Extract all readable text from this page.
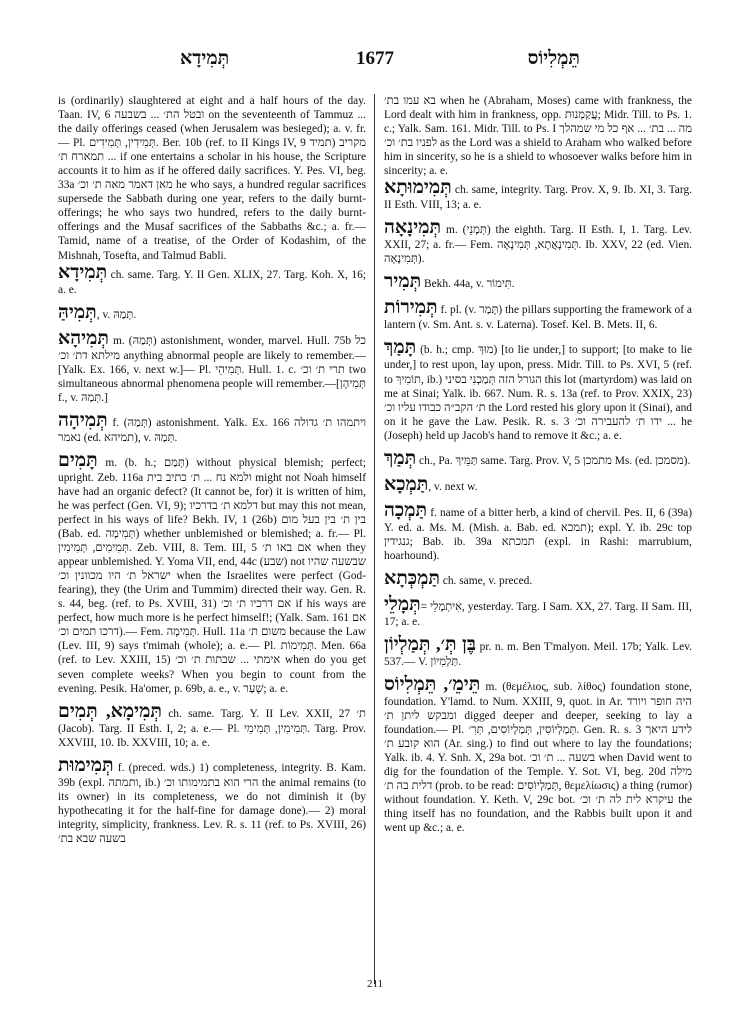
תְּמִידָא	1677	תֵּמְלִיוֹס

is (ordinarily) slaughtered at eight and a half hours of the day. Taan. IV, 6 ובטל הת׳ ... בשבעה on the seventeenth of Tammuz ... the daily offerings ceased (when Jerusalem was besieged); a. v. fr.— Pl. תְּמִידִין, תְּמִידִים. Ber. 10b (ref. to II Kings IV, 9 תמיד) מקריב ... תמארח ת׳ if one entertains a scholar in his house, the Scripture accounts it to him as if he offered daily sacrifices. Y. Pes. VI, beg. 33a מאן דאמר מאה ת׳ וכ׳ he who says, a hundred regular sacrifices supersede the Sabbath during one year, refers to the daily burnt-offerings; he who says two hundred, refers to the daily burnt-offerings and the Musaf sacrifices of the Sabbaths &c.; a. fr.— Tamid, name of a treatise, of the Order of Kodashim, of the Mishnah, Tosefta, and Talmud Babli.

תְּמִידָא ch. same. Targ. Y. II Gen. XLIX, 27. Targ. Koh. X, 16; a. e.
תְּמִיהַּ, v. תְּמַהּ.
תְּמִיהָא m. (תְּמַהּ) astonishment, wonder, marvel. Hull. 75b כל מילתא דת׳ וכ׳ anything abnormal people are likely to remember.—[Yalk. Ex. 166, v. next w.]— Pl. תְּמִיהֵי. Hull. 1. c. תרי ת׳ וכ׳ two simultaneous abnormal phenomena people will remember.—[תְּמִיהָן f., v. תְּמַהּ.]
תְּמִיהָה f. (תְּמַהּ) astonishment. Yalk. Ex. 166 ויתמהו ת׳ גדולה נאמר (ed. תמיהא), v. תְּמַהּ.
תָּמִים m. (b. h.; תָּמַם) without physical blemish; perfect; upright. Zeb. 116a ולמא נח ... ת׳ כתיב בית might not Noah himself have had an organic defect? (It cannot be, for) it is written of him, he was perfect (Gen. VI, 9); דלמא ת׳ בדרכיו but may this not mean, perfect in his ways of life? Bekh. IV, 1 (26b) בין ת׳ בין בעל מום (Bab. ed. תְּמִימָה) whether unblemished or blemished; a. fr.— Pl. תְּמִימִים, תְּמִימִין. Zeb. VIII, 8. Tem. III, 5 אם באו ת׳ when they appear unblemished. Y. Yoma VII, end, 44c (שבע) not שבשעה שהיו ישראל ת׳ היו מכוונין וכ׳ when the Israelites were perfect (God-fearing), they (the Urim and Tummim) directed their way. Gen. R. s. 44, beg. (ref. to Ps. XVIII, 31) אם דרכיו ת׳ וכ׳ if his ways are perfect, how much more is he perfect himself!; (Yalk. Sam. 161 אם דרכו תמים וכ׳).— Fem. תְּמִימָה. Hull. 11a משום ת׳ because the Law (Lev. III, 9) says t'mimah (whole); a. e.— Pl. תְּמִימוֹת. Men. 66a (ref. to Lev. XXIII, 15) אימתי ... שבתות ת׳ וכ׳ when do you get seven complete weeks? When you begin to count from the evening. Pesik. Ha'omer, p. 69b, a. e., v. שָׁעַר; a. e.
תְּמִימָא, תְּמִים ch. same. Targ. Y. II Lev. XXII, 27 ת׳ (Jacob). Targ. II Esth. I, 2; a. e.— Pl. תְּמִימִין, תְּמִימֵי. Targ. Prov. XXVIII, 10. Ib. XXVIII, 10; a. e.
תְּמִימוּת f. (preced. wds.) 1) completeness, integrity. B. Kam. 39b (expl. ותמתה, ib.) הרי הוא בתמימותו וכ׳ the animal remains (to its owner) in its completeness, we do not diminish it (by hypothecating it for the half-fine for damage done).— 2) moral integrity, simplicity, frankness. Lev. R. s. 11 (ref. to Ps. XVIII, 26) בשעה שבא בת׳

בא עמו בת׳ when he (Abraham, Moses) came with frankness, the Lord dealt with him in frankness, opp. עֲקַמְנוּת; Midr. Till. to Ps. 1. c.; Yalk. Sam. 161. Midr. Till. to Ps. I מה ... בת׳ ... אף כל מי שמהלך לפניו בת׳ וכ׳ as the Lord was a shield to Araham who walked before him in sincerity, so he is a shield to whosoever walks before him in sincerity; a. e.

תְּמִימוּתָא ch. same, integrity. Targ. Prov. X, 9. Ib. XI, 3. Targ. II Esth. VIII, 13; a. e.
תְּמִינָאָה m. (תְּמָנֵי) the eighth. Targ. II Esth. I, 1. Targ. Lev. XXII, 27; a. fr.— Fem. תְּמִינָאֲתָא, תְּמִינָאָה. Ib. XXV, 22 (ed. Vien. תְּמִינָאָה).
תְּמִיר Bekh. 44a, v. תִּימוֹר.
תְּמִירוֹת f. pl. (v. תָּמַר) the pillars supporting the framework of a lantern (v. Sm. Ant. s. v. Laterna). Tosef. Kel. B. Mets. II, 6.
תָּמַךְ (b. h.; cmp. מוּךְ) [to lie under,] to support; [to make to lie under,] to rest upon, lay upon, press. Midr. Till. to Ps. XVI, 5 (ref. to תוֹמִיךְ, ib.) הגורל הזה תְּמַכְנִי בסיני this lot (martyrdom) was laid on me at Sinai; Yalk. ib. 667. Num. R. s. 13a (ref. to Prov. XXIX, 23) ת׳ הקב״ה כבודו עליו וכ׳ the Lord rested his glory upon it (Sinai), and on it he gave the Law. Pesik. R. s. 3 ידו ת׳ להעבירה וכ׳ ... he (Joseph) held up Jacob's hand to remove it &c.; a. e.
תְּמַךְ ch., Pa. תַּמֵּיךְ same. Targ. Prov. V, 5 מתמכן Ms. (ed. מסמכן).
תַּמְכָא, v. next w.
תַּמְכָה f. name of a bitter herb, a kind of chervil. Pes. II, 6 (39a) Y. ed. a. Ms. M. (Mish. a. Bab. ed. תמכא); expl. Y. ib. 29c top גנגידין; Bab. ib. 39a תמכתא (expl. in Rashi: marrubium, hoarhound).
תַּמְכְּתָא ch. same, v. preced.
תְּמָלֵי= אִיתְמָלֵי, yesterday. Targ. I Sam. XX, 27. Targ. II Sam. III, 17; a. e.
בֶּן תְּ׳, תְּמַלְיוֹן pr. n. m. Ben T'malyon. Meil. 17b; Yalk. Lev. 537.— V. תַּלְמִיוֹן.
תֵּימֵ׳, תֵּמְלִיוֹס m. (θεμέλιος, sub. λίθος) foundation stone, foundation. Y'lamd. to Num. XXIII, 9, quot. in Ar. היה חופר ויורד ומבקש ליתן ת׳ digged deeper and deeper, seeking to lay a foundation.— Pl. תְּמַלְיוֹסִין, תְּמַלְיוֹסִים, תְּרִ׳. Gen. R. s. 3 לידע היאך הוא קובע ת׳ (Ar. sing.) to find out where to lay the foundations; Yalk. ib. 4. Y. Snh. X, 29a bot. בשעה ... ת׳ וכ׳ when David went to dig for the foundation of the Temple. Y. Sot. VI, beg. 20d מילה דלית בה ת׳ (prob. to be read: תְּמַלְיוֹסִים, θεμελίωσις) a thing (rumor) without foundation. Y. Keth. V, 29c bot. עיקרא לית לה ת׳ וכ׳ the thing itself has no foundation, and the Rabbis built upon it and went up &c.; a. e.
211
